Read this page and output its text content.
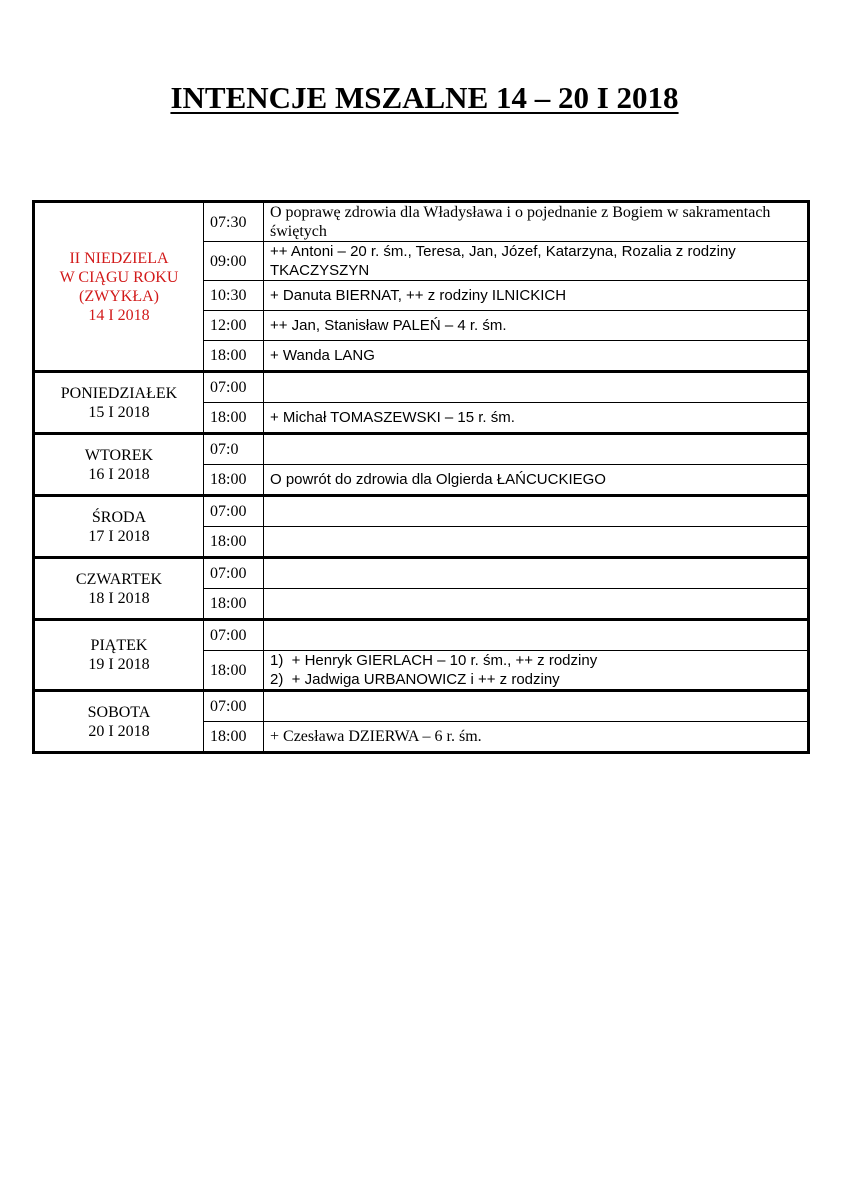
INTENCJE MSZALNE 14 – 20 I 2018
II NIEDZIELA
W CIĄGU ROKU
(ZWYKŁA)
14 I 2018	07:30	O poprawę zdrowia dla Władysława i o pojednanie z Bogiem w sakramentach świętych
	09:00	++ Antoni – 20 r. śm., Teresa, Jan, Józef, Katarzyna, Rozalia z rodziny TKACZYSZYN
	10:30	+ Danuta BIERNAT, ++ z rodziny ILNICKICH
	12:00	++ Jan, Stanisław PALEŃ – 4 r. śm.
	18:00	+ Wanda LANG

PONIEDZIAŁEK
15 I 2018	07:00	
	18:00	+ Michał TOMASZEWSKI – 15 r. śm.

WTOREK
16 I 2018	07:0	
	18:00	O powrót do zdrowia dla Olgierda ŁAŃCUCKIEGO

ŚRODA
17 I 2018	07:00	
	18:00	

CZWARTEK
18 I 2018	07:00	
	18:00	

PIĄTEK
19 I 2018	07:00	
	18:00	1)  + Henryk GIERLACH – 10 r. śm., ++ z rodziny
2)  + Jadwiga URBANOWICZ i ++ z rodziny

SOBOTA
20 I 2018	07:00	
	18:00	+ Czesława DZIERWA – 6 r. śm.
